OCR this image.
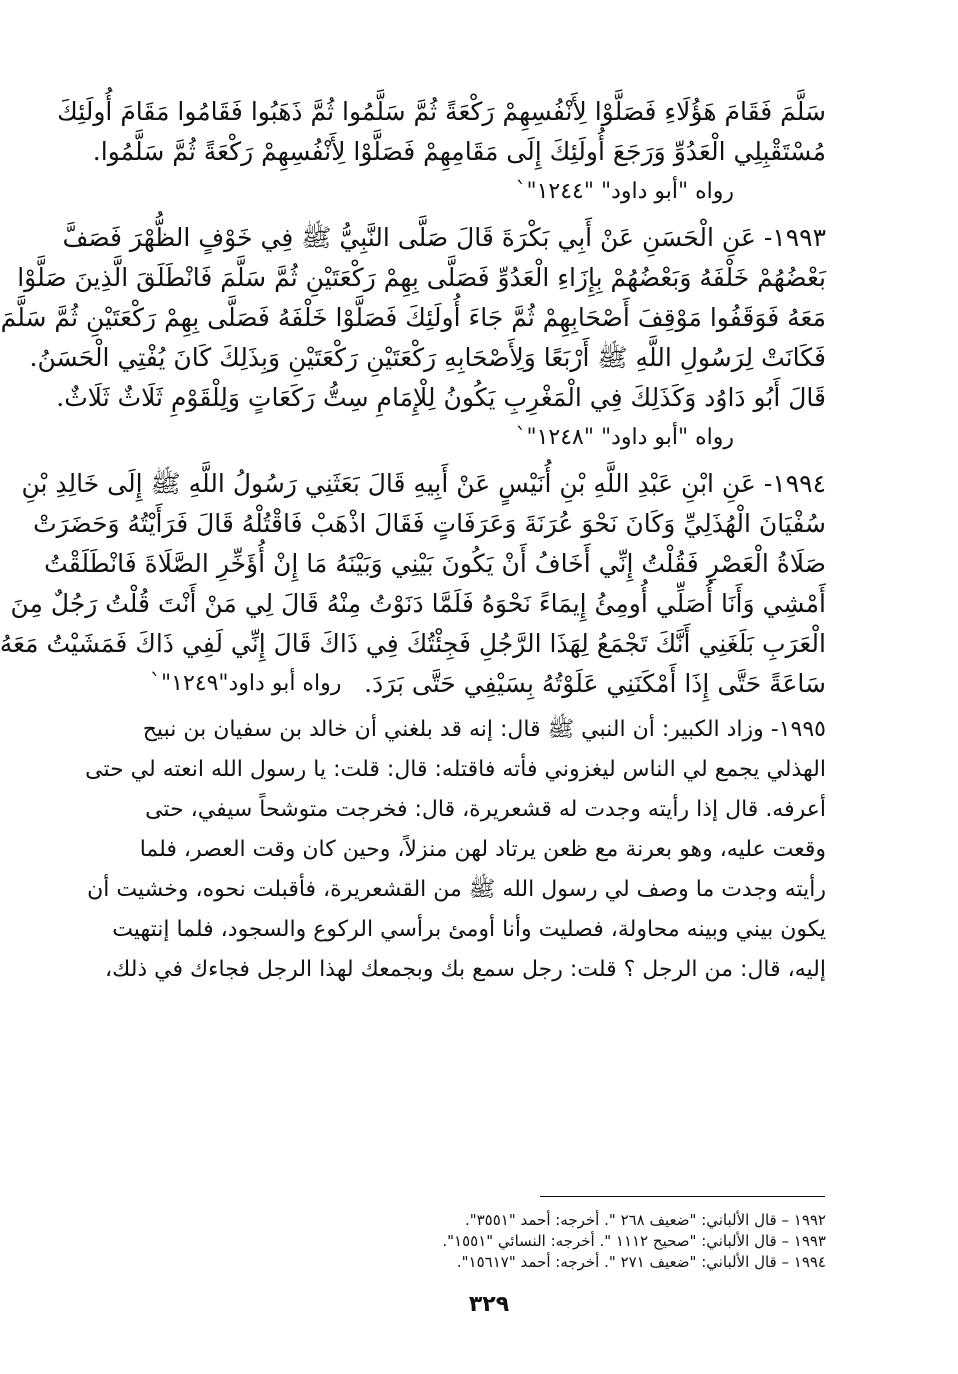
سَلَّمَ فَقَامَ هَؤُلَاءِ فَصَلَّوْا لِأَنْفُسِهِمْ رَكْعَةً ثُمَّ سَلَّمُوا ثُمَّ ذَهَبُوا فَقَامُوا مَقَامَ أُولَئِكَ
مُسْتَقْبِلِي الْعَدُوِّ وَرَجَعَ أُولَئِكَ إِلَى مَقَامِهِمْ فَصَلَّوْا لِأَنْفُسِهِمْ رَكْعَةً ثُمَّ سَلَّمُوا.
رواه "أبو داود" "١٢٤٤"`
١٩٩٣- عَنِ الْحَسَنِ عَنْ أَبِي بَكْرَةَ قَالَ صَلَّى النَّبِيُّ ﷺ فِي خَوْفٍ الظُّهْرَ فَصَفَّ
بَعْضُهُمْ خَلْفَهُ وَبَعْضُهُمْ بِإِزَاءِ الْعَدُوِّ فَصَلَّى بِهِمْ رَكْعَتَيْنِ ثُمَّ سَلَّمَ فَانْطَلَقَ الَّذِينَ صَلَّوْا
مَعَهُ فَوَقَفُوا مَوْقِفَ أَصْحَابِهِمْ ثُمَّ جَاءَ أُولَئِكَ فَصَلَّوْا خَلْفَهُ فَصَلَّى بِهِمْ رَكْعَتَيْنِ ثُمَّ سَلَّمَ
فَكَانَتْ لِرَسُولِ اللَّهِ ﷺ أَرْبَعًا وَلِأَصْحَابِهِ رَكْعَتَيْنِ رَكْعَتَيْنِ وَبِذَلِكَ كَانَ يُفْتِي الْحَسَنُ.
قَالَ أَبُو دَاوُد وَكَذَلِكَ فِي الْمَغْرِبِ يَكُونُ لِلْإِمَامِ سِتُّ رَكَعَاتٍ وَلِلْقَوْمِ ثَلَاثٌ ثَلَاثٌ.
رواه "أبو داود" "١٢٤٨"`
١٩٩٤- عَنِ ابْنِ عَبْدِ اللَّهِ بْنِ أُنَيْسٍ عَنْ أَبِيهِ قَالَ بَعَثَنِي رَسُولُ اللَّهِ ﷺ إِلَى خَالِدِ بْنِ
سُفْيَانَ الْهُذَلِيِّ وَكَانَ نَحْوَ عُرَنَةَ وَعَرَفَاتٍ فَقَالَ اذْهَبْ فَاقْتُلْهُ قَالَ فَرَأَيْتُهُ وَحَضَرَتْ
صَلَاةُ الْعَصْرِ فَقُلْتُ إِنِّي أَخَافُ أَنْ يَكُونَ بَيْنِي وَبَيْنَهُ مَا إِنْ أُؤَخِّرِ الصَّلَاةَ فَانْطَلَقْتُ
أَمْشِي وَأَنَا أُصَلِّي أُومِئُ إِيمَاءً نَحْوَهُ فَلَمَّا دَنَوْتُ مِنْهُ قَالَ لِي مَنْ أَنْتَ قُلْتُ رَجُلٌ مِنَ
الْعَرَبِ بَلَغَنِي أَنَّكَ تَجْمَعُ لِهَذَا الرَّجُلِ فَجِئْتُكَ فِي ذَاكَ قَالَ إِنِّي لَفِي ذَاكَ فَمَشَيْتُ مَعَهُ
سَاعَةً حَتَّى إِذَا أَمْكَنَنِي عَلَوْتُهُ بِسَيْفِي حَتَّى بَرَدَ.
رواه أبو داود"١٢٤٩"`
١٩٩٥- وزاد الكبير: أن النبي ﷺ قال: إنه قد بلغني أن خالد بن سفيان بن نبيح
الهذلي يجمع لي الناس ليغزوني فأته فاقتله: قال: قلت: يا رسول الله انعته لي حتى
أعرفه. قال إذا رأيته وجدت له قشعريرة، قال: فخرجت متوشحاً سيفي، حتى
وقعت عليه، وهو بعرنة مع ظعن يرتاد لهن منزلاً، وحين كان وقت العصر، فلما
رأيته وجدت ما وصف لي رسول الله ﷺ من القشعريرة، فأقبلت نحوه، وخشيت أن
يكون بيني وبينه محاولة، فصليت وأنا أومئ برأسي الركوع والسجود، فلما إنتهيت
إليه، قال: من الرجل ؟ قلت: رجل سمع بك وبجمعك لهذا الرجل فجاءك في ذلك،
١٩٩٢ – قال الألباني: "ضعيف ٢٦٨ ". أخرجه: أحمد "٣٥٥١".
١٩٩٣ – قال الألباني: "صحيح ١١١٢ ". أخرجه: النسائي "١٥٥١".
١٩٩٤ – قال الألباني: "ضعيف ٢٧١ ". أخرجه: أحمد "١٥٦١٧".
٣٢٩
